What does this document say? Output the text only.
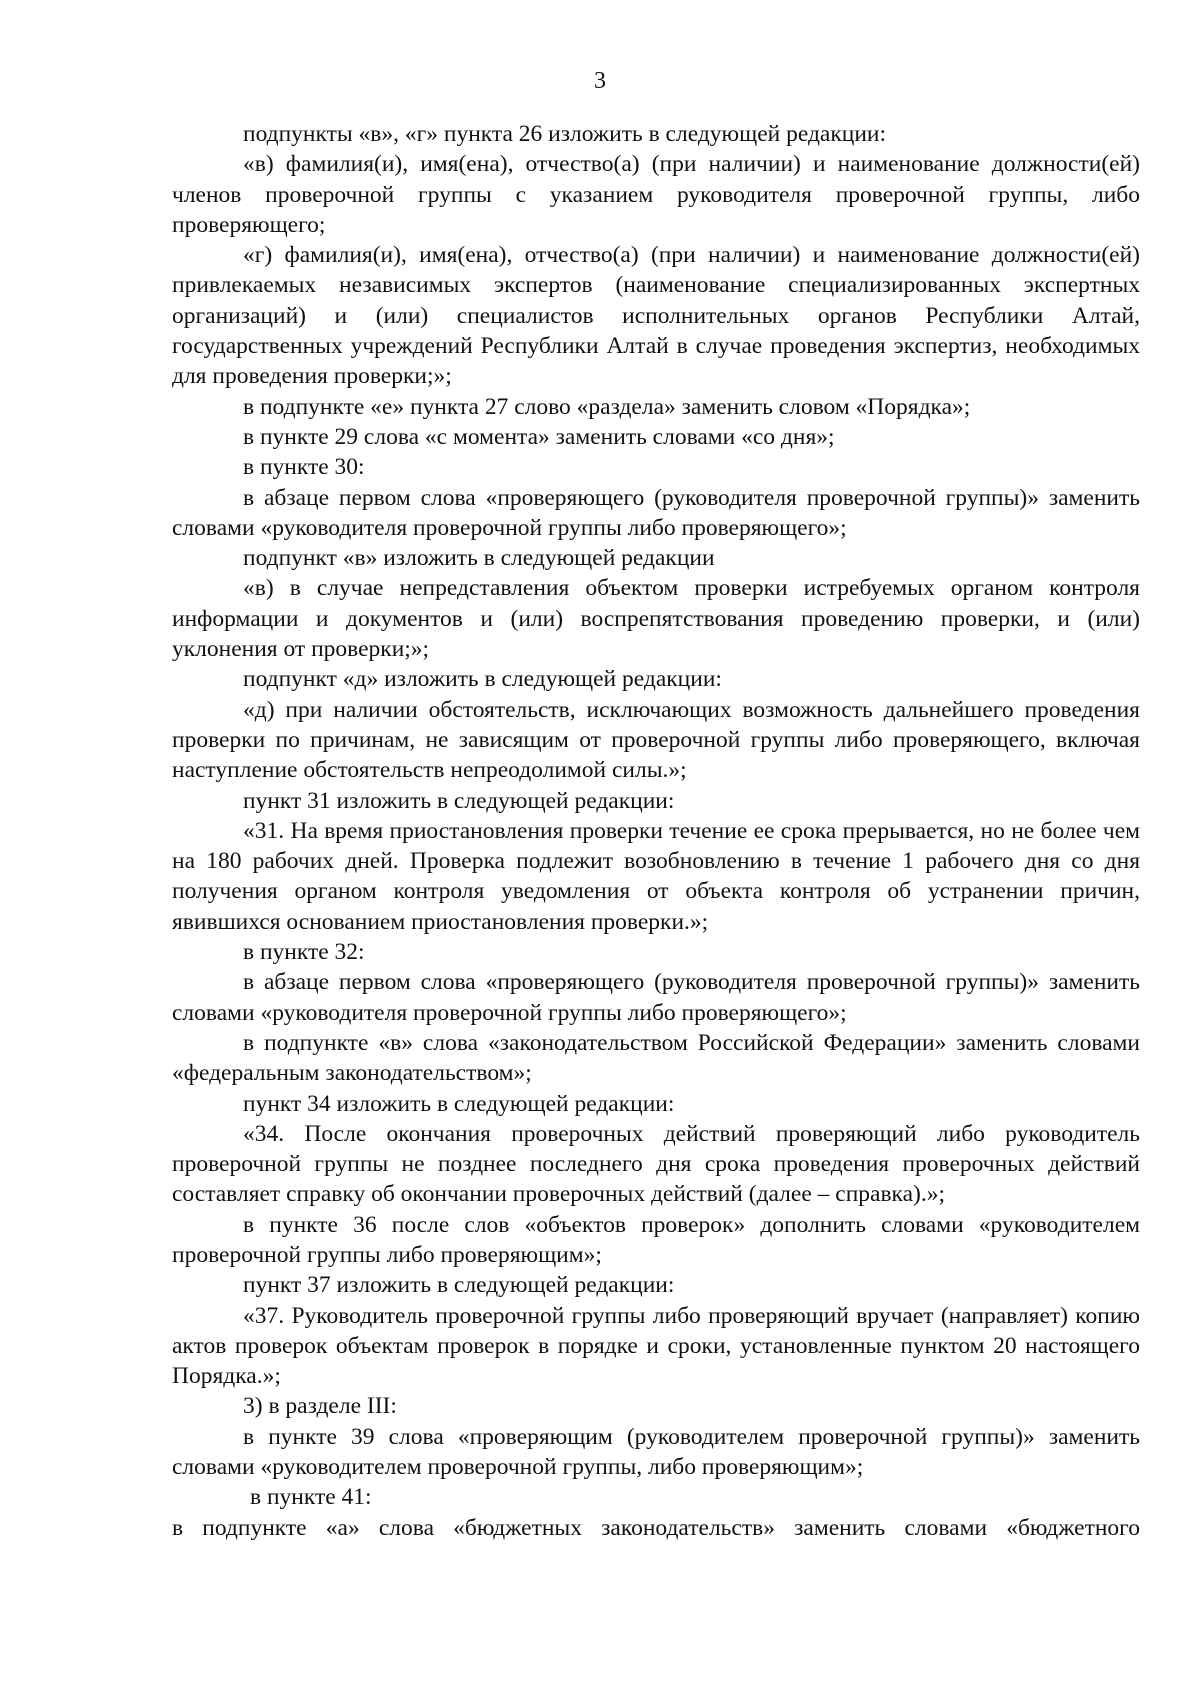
3

подпункты «в», «г» пункта 26 изложить в следующей редакции:

«в) фамилия(и), имя(ена), отчество(а) (при наличии) и наименование должности(ей) членов проверочной группы с указанием руководителя проверочной группы, либо проверяющего;

«г) фамилия(и), имя(ена), отчество(а) (при наличии) и наименование должности(ей) привлекаемых независимых экспертов (наименование специализированных экспертных организаций) и (или) специалистов исполнительных органов Республики Алтай, государственных учреждений Республики Алтай в случае проведения экспертиз, необходимых для проведения проверки;»;

в подпункте «е» пункта 27 слово «раздела» заменить словом «Порядка»;

в пункте 29 слова «с момента» заменить словами «со дня»;

в пункте 30:

в абзаце первом слова «проверяющего (руководителя проверочной группы)» заменить словами «руководителя проверочной группы либо проверяющего»;

подпункт «в» изложить в следующей редакции

«в) в случае непредставления объектом проверки истребуемых органом контроля информации и документов и (или) воспрепятствования проведению проверки, и (или) уклонения от проверки;»;

подпункт «д» изложить в следующей редакции:

«д) при наличии обстоятельств, исключающих возможность дальнейшего проведения проверки по причинам, не зависящим от проверочной группы либо проверяющего, включая наступление обстоятельств непреодолимой силы.»;

пункт 31 изложить в следующей редакции:

«31. На время приостановления проверки течение ее срока прерывается, но не более чем на 180 рабочих дней. Проверка подлежит возобновлению в течение 1 рабочего дня со дня получения органом контроля уведомления от объекта контроля об устранении причин, явившихся основанием приостановления проверки.»;

в пункте 32:

в абзаце первом слова «проверяющего (руководителя проверочной группы)» заменить словами «руководителя проверочной группы либо проверяющего»;

в подпункте «в» слова «законодательством Российской Федерации» заменить словами «федеральным законодательством»;

пункт 34 изложить в следующей редакции:

«34. После окончания проверочных действий проверяющий либо руководитель проверочной группы не позднее последнего дня срока проведения проверочных действий составляет справку об окончании проверочных действий (далее – справка).»;

в пункте 36 после слов «объектов проверок» дополнить словами «руководителем проверочной группы либо проверяющим»;

пункт 37 изложить в следующей редакции:

«37. Руководитель проверочной группы либо проверяющий вручает (направляет) копию актов проверок объектам проверок в порядке и сроки, установленные пунктом 20 настоящего Порядка.»;

3) в разделе III:

в пункте 39 слова «проверяющим (руководителем проверочной группы)» заменить словами «руководителем проверочной группы, либо проверяющим»;

в пункте 41:

в подпункте «а» слова «бюджетных законодательств» заменить словами «бюджетного
